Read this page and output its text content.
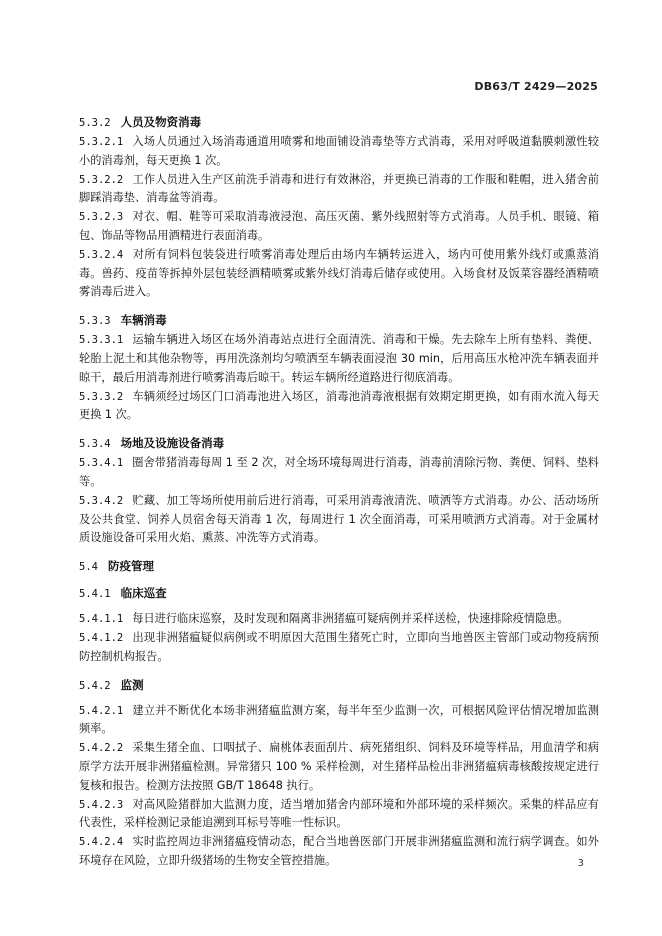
DB63/T 2429—2025

5.3.2 人员及物资消毒

5.3.2.1 入场人员通过入场消毒通道用喷雾和地面铺设消毒垫等方式消毒，采用对呼吸道黏膜刺激性较小的消毒剂，每天更换 1 次。

5.3.2.2 工作人员进入生产区前洗手消毒和进行有效淋浴，并更换已消毒的工作服和鞋帽，进入猪舍前脚踩消毒垫、消毒盆等消毒。

5.3.2.3 对衣、帽、鞋等可采取消毒液浸泡、高压灭菌、紫外线照射等方式消毒。人员手机、眼镜、箱包、饰品等物品用酒精进行表面消毒。

5.3.2.4 对所有饲料包装袋进行喷雾消毒处理后由场内车辆转运进入，场内可使用紫外线灯或熏蒸消毒。兽药、疫苗等拆掉外层包装经酒精喷雾或紫外线灯消毒后储存或使用。入场食材及饭菜容器经酒精喷雾消毒后进入。

5.3.3 车辆消毒

5.3.3.1 运输车辆进入场区在场外消毒站点进行全面清洗、消毒和干燥。先去除车上所有垫料、粪便、轮胎上泥土和其他杂物等，再用洗涤剂均匀喷洒至车辆表面浸泡 30 min，后用高压水枪冲洗车辆表面并晾干，最后用消毒剂进行喷雾消毒后晾干。转运车辆所经道路进行彻底消毒。

5.3.3.2 车辆须经过场区门口消毒池进入场区，消毒池消毒液根据有效期定期更换，如有雨水流入每天更换 1 次。

5.3.4 场地及设施设备消毒

5.3.4.1 圈舍带猪消毒每周 1 至 2 次，对全场环境每周进行消毒，消毒前清除污物、粪便、饲料、垫料等。

5.3.4.2 贮藏、加工等场所使用前后进行消毒，可采用消毒液清洗、喷洒等方式消毒。办公、活动场所及公共食堂、饲养人员宿舍每天消毒 1 次，每周进行 1 次全面消毒，可采用喷洒方式消毒。对于金属材质设施设备可采用火焰、熏蒸、冲洗等方式消毒。

5.4 防疫管理

5.4.1 临床巡查

5.4.1.1 每日进行临床巡察，及时发现和隔离非洲猪瘟可疑病例并采样送检，快速排除疫情隐患。

5.4.1.2 出现非洲猪瘟疑似病例或不明原因大范围生猪死亡时，立即向当地兽医主管部门或动物疫病预防控制机构报告。

5.4.2 监测

5.4.2.1 建立并不断优化本场非洲猪瘟监测方案，每半年至少监测一次，可根据风险评估情况增加监测频率。

5.4.2.2 采集生猪全血、口咽拭子、扁桃体表面刮片、病死猪组织、饲料及环境等样品，用血清学和病原学方法开展非洲猪瘟检测。异常猪只 100 % 采样检测，对生猪样品检出非洲猪瘟病毒核酸按规定进行复核和报告。检测方法按照 GB/T 18648 执行。

5.4.2.3 对高风险猪群加大监测力度，适当增加猪舍内部环境和外部环境的采样频次。采集的样品应有代表性，采样检测记录能追溯到耳标号等唯一性标识。

5.4.2.4 实时监控周边非洲猪瘟疫情动态，配合当地兽医部门开展非洲猪瘟监测和流行病学调查。如外环境存在风险，立即升级猪场的生物安全管控措施。	3
